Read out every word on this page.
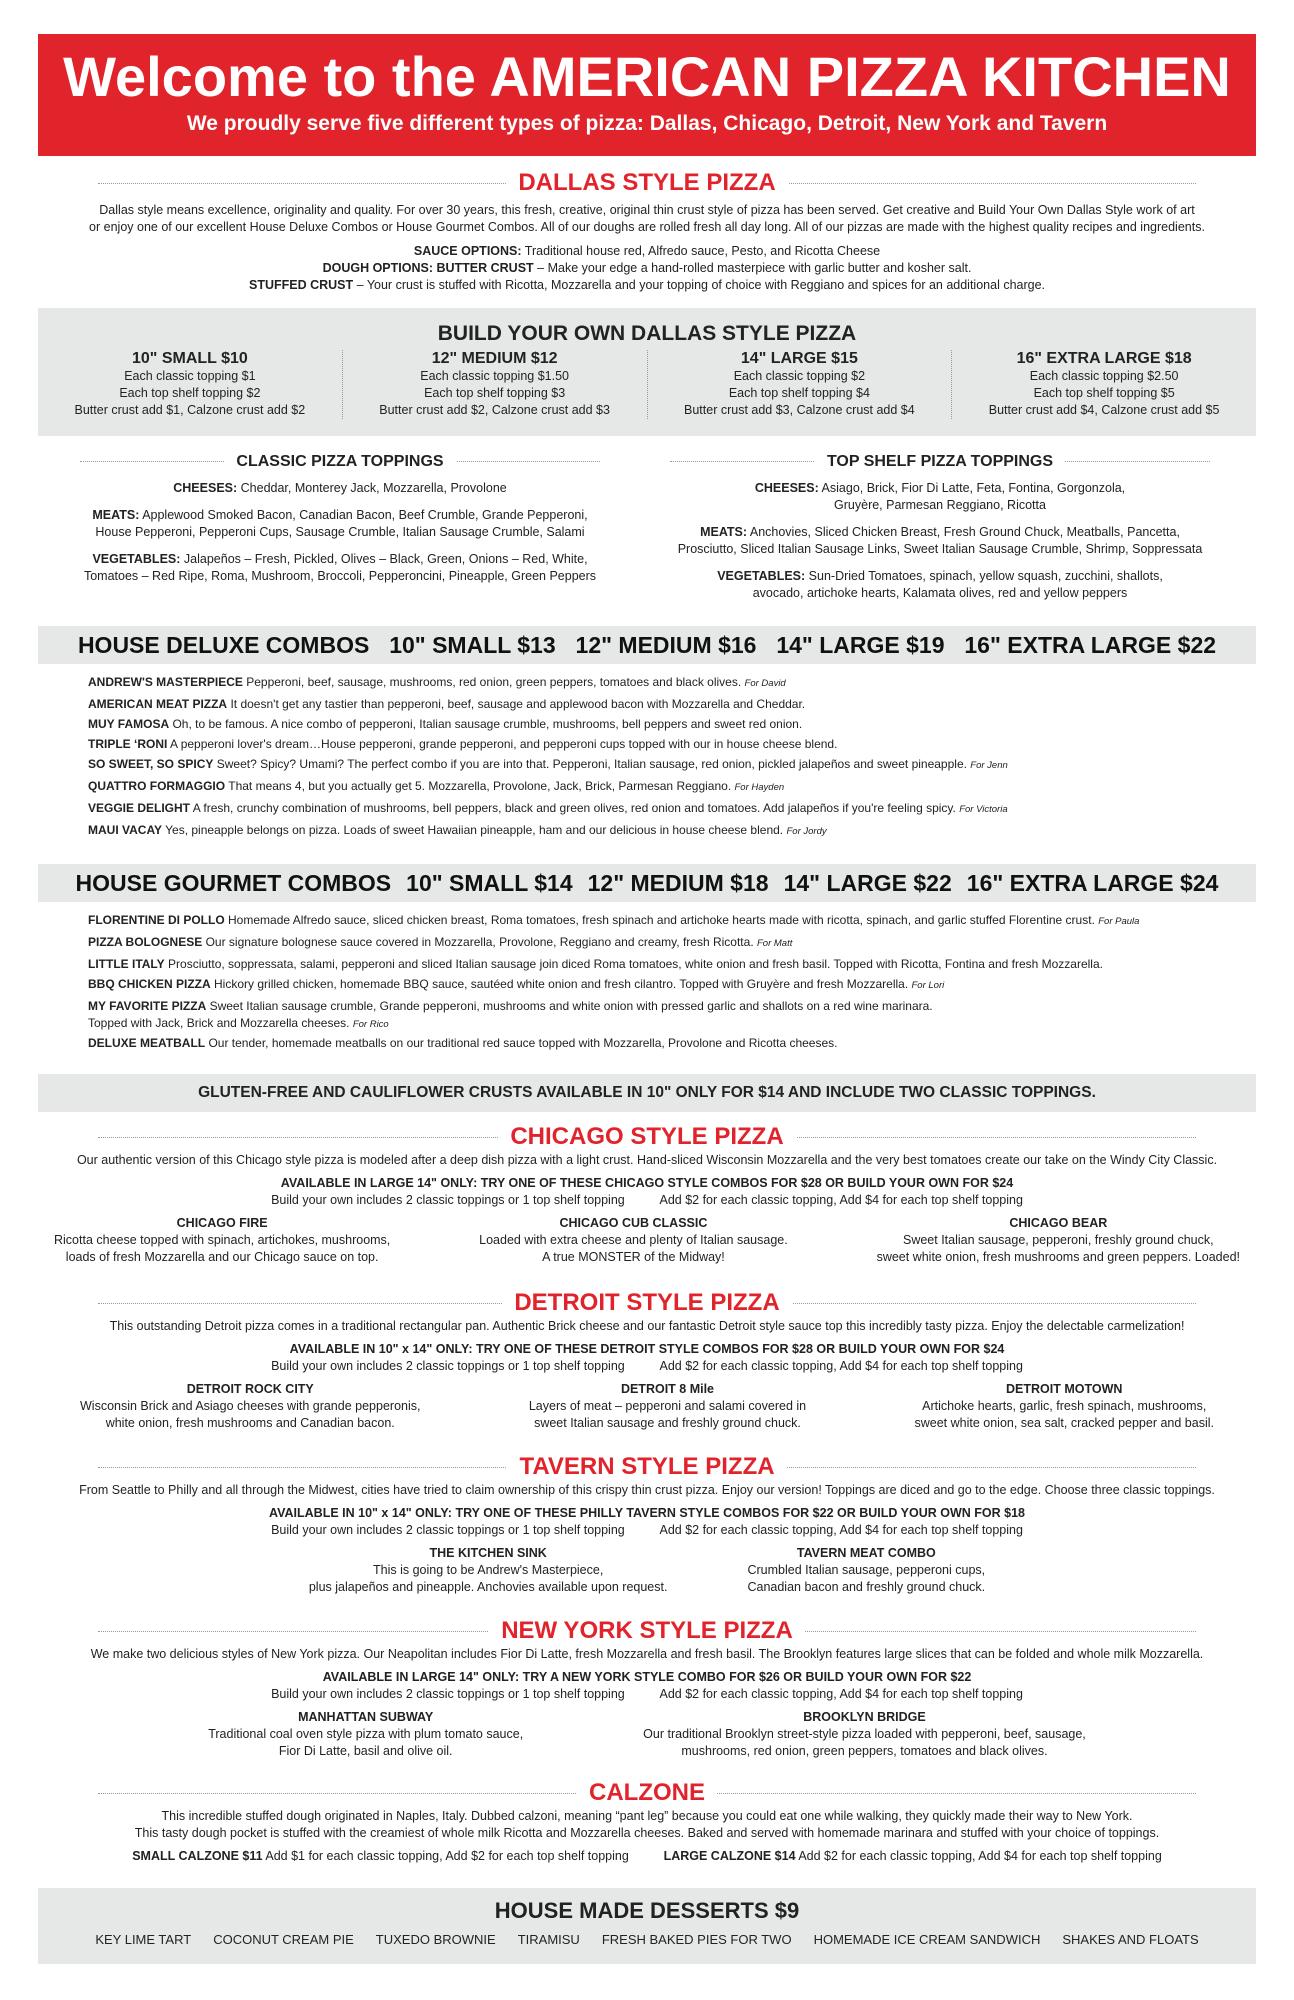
Welcome to the AMERICAN PIZZA KITCHEN
We proudly serve five different types of pizza: Dallas, Chicago, Detroit, New York and Tavern
DALLAS STYLE PIZZA

Dallas style means excellence, originality and quality. For over 30 years, this fresh, creative, original thin crust style of pizza has been served. Get creative and Build Your Own Dallas Style work of art

or enjoy one of our excellent House Deluxe Combos or House Gourmet Combos. All of our doughs are rolled fresh all day long. All of our pizzas are made with the highest quality recipes and ingredients.

SAUCE OPTIONS: Traditional house red, Alfredo sauce, Pesto, and Ricotta Cheese

DOUGH OPTIONS: BUTTER CRUST – Make your edge a hand-rolled masterpiece with garlic butter and kosher salt.

STUFFED CRUST – Your crust is stuffed with Ricotta, Mozzarella and your topping of choice with Reggiano and spices for an additional charge.

BUILD YOUR OWN DALLAS STYLE PIZZA
10" SMALL $10
Each classic topping $1
Each top shelf topping $2
Butter crust add $1, Calzone crust add $2
12" MEDIUM $12
Each classic topping $1.50
Each top shelf topping $3
Butter crust add $2, Calzone crust add $3
14" LARGE $15
Each classic topping $2
Each top shelf topping $4
Butter crust add $3, Calzone crust add $4
16" EXTRA LARGE $18
Each classic topping $2.50
Each top shelf topping $5
Butter crust add $4, Calzone crust add $5
CLASSIC PIZZA TOPPINGS

CHEESES: Cheddar, Monterey Jack, Mozzarella, Provolone

MEATS: Applewood Smoked Bacon, Canadian Bacon, Beef Crumble, Grande Pepperoni,

House Pepperoni, Pepperoni Cups, Sausage Crumble, Italian Sausage Crumble, Salami

VEGETABLES: Jalapeños – Fresh, Pickled, Olives – Black, Green, Onions – Red, White,

Tomatoes – Red Ripe, Roma, Mushroom, Broccoli, Pepperoncini, Pineapple, Green Peppers

TOP SHELF PIZZA TOPPINGS

CHEESES: Asiago, Brick, Fior Di Latte, Feta, Fontina, Gorgonzola,

Gruyère, Parmesan Reggiano, Ricotta

MEATS: Anchovies, Sliced Chicken Breast, Fresh Ground Chuck, Meatballs, Pancetta,

Prosciutto, Sliced Italian Sausage Links, Sweet Italian Sausage Crumble, Shrimp, Soppressata

VEGETABLES: Sun-Dried Tomatoes, spinach, yellow squash, zucchini, shallots,

avocado, artichoke hearts, Kalamata olives, red and yellow peppers

HOUSE DELUXE COMBOS 10" SMALL $13 12" MEDIUM $16 14" LARGE $19 16" EXTRA LARGE $22
ANDREW'S MASTERPIECE Pepperoni, beef, sausage, mushrooms, red onion, green peppers, tomatoes and black olives. For David
AMERICAN MEAT PIZZA It doesn't get any tastier than pepperoni, beef, sausage and applewood bacon with Mozzarella and Cheddar.
MUY FAMOSA Oh, to be famous. A nice combo of pepperoni, Italian sausage crumble, mushrooms, bell peppers and sweet red onion.
TRIPLE ‘RONI A pepperoni lover's dream…House pepperoni, grande pepperoni, and pepperoni cups topped with our in house cheese blend.
SO SWEET, SO SPICY Sweet? Spicy? Umami? The perfect combo if you are into that. Pepperoni, Italian sausage, red onion, pickled jalapeños and sweet pineapple. For Jenn
QUATTRO FORMAGGIO That means 4, but you actually get 5. Mozzarella, Provolone, Jack, Brick, Parmesan Reggiano. For Hayden
VEGGIE DELIGHT A fresh, crunchy combination of mushrooms, bell peppers, black and green olives, red onion and tomatoes. Add jalapeños if you're feeling spicy. For Victoria
MAUI VACAY Yes, pineapple belongs on pizza. Loads of sweet Hawaiian pineapple, ham and our delicious in house cheese blend. For Jordy
HOUSE GOURMET COMBOS 10" SMALL $14 12" MEDIUM $18 14" LARGE $22 16" EXTRA LARGE $24
FLORENTINE DI POLLO Homemade Alfredo sauce, sliced chicken breast, Roma tomatoes, fresh spinach and artichoke hearts made with ricotta, spinach, and garlic stuffed Florentine crust. For Paula
PIZZA BOLOGNESE Our signature bolognese sauce covered in Mozzarella, Provolone, Reggiano and creamy, fresh Ricotta. For Matt
LITTLE ITALY Prosciutto, soppressata, salami, pepperoni and sliced Italian sausage join diced Roma tomatoes, white onion and fresh basil. Topped with Ricotta, Fontina and fresh Mozzarella.
BBQ CHICKEN PIZZA Hickory grilled chicken, homemade BBQ sauce, sautéed white onion and fresh cilantro. Topped with Gruyère and fresh Mozzarella. For Lori
MY FAVORITE PIZZA Sweet Italian sausage crumble, Grande pepperoni, mushrooms and white onion with pressed garlic and shallots on a red wine marinara.
Topped with Jack, Brick and Mozzarella cheeses. For Rico
DELUXE MEATBALL Our tender, homemade meatballs on our traditional red sauce topped with Mozzarella, Provolone and Ricotta cheeses.
GLUTEN-FREE AND CAULIFLOWER CRUSTS AVAILABLE IN 10" ONLY FOR $14 AND INCLUDE TWO CLASSIC TOPPINGS.
CHICAGO STYLE PIZZA

Our authentic version of this Chicago style pizza is modeled after a deep dish pizza with a light crust. Hand-sliced Wisconsin Mozzarella and the very best tomatoes create our take on the Windy City Classic.

AVAILABLE IN LARGE 14" ONLY: TRY ONE OF THESE CHICAGO STYLE COMBOS FOR $28 OR BUILD YOUR OWN FOR $24

Build your own includes 2 classic toppings or 1 top shelf topping	Add $2 for each classic topping, Add $4 for each top shelf topping

CHICAGO FIRE

Ricotta cheese topped with spinach, artichokes, mushrooms,

loads of fresh Mozzarella and our Chicago sauce on top.

CHICAGO CUB CLASSIC

Loaded with extra cheese and plenty of Italian sausage.

A true MONSTER of the Midway!

CHICAGO BEAR

Sweet Italian sausage, pepperoni, freshly ground chuck,

sweet white onion, fresh mushrooms and green peppers. Loaded!

DETROIT STYLE PIZZA

This outstanding Detroit pizza comes in a traditional rectangular pan. Authentic Brick cheese and our fantastic Detroit style sauce top this incredibly tasty pizza. Enjoy the delectable carmelization!

AVAILABLE IN 10" x 14" ONLY: TRY ONE OF THESE DETROIT STYLE COMBOS FOR $28 OR BUILD YOUR OWN FOR $24

Build your own includes 2 classic toppings or 1 top shelf topping	Add $2 for each classic topping, Add $4 for each top shelf topping

DETROIT ROCK CITY

Wisconsin Brick and Asiago cheeses with grande pepperonis,

white onion, fresh mushrooms and Canadian bacon.

DETROIT 8 Mile

Layers of meat – pepperoni and salami covered in

sweet Italian sausage and freshly ground chuck.

DETROIT MOTOWN

Artichoke hearts, garlic, fresh spinach, mushrooms,

sweet white onion, sea salt, cracked pepper and basil.

TAVERN STYLE PIZZA

From Seattle to Philly and all through the Midwest, cities have tried to claim ownership of this crispy thin crust pizza. Enjoy our version! Toppings are diced and go to the edge. Choose three classic toppings.

AVAILABLE IN 10" x 14" ONLY: TRY ONE OF THESE PHILLY TAVERN STYLE COMBOS FOR $22 OR BUILD YOUR OWN FOR $18

Build your own includes 2 classic toppings or 1 top shelf topping	Add $2 for each classic topping, Add $4 for each top shelf topping

THE KITCHEN SINK

This is going to be Andrew's Masterpiece,

plus jalapeños and pineapple. Anchovies available upon request.

TAVERN MEAT COMBO

Crumbled Italian sausage, pepperoni cups,

Canadian bacon and freshly ground chuck.

NEW YORK STYLE PIZZA

We make two delicious styles of New York pizza. Our Neapolitan includes Fior Di Latte, fresh Mozzarella and fresh basil. The Brooklyn features large slices that can be folded and whole milk Mozzarella.

AVAILABLE IN LARGE 14" ONLY: TRY A NEW YORK STYLE COMBO FOR $26 OR BUILD YOUR OWN FOR $22

Build your own includes 2 classic toppings or 1 top shelf topping	Add $2 for each classic topping, Add $4 for each top shelf topping

MANHATTAN SUBWAY

Traditional coal oven style pizza with plum tomato sauce,

Fior Di Latte, basil and olive oil.

BROOKLYN BRIDGE

Our traditional Brooklyn street-style pizza loaded with pepperoni, beef, sausage,

mushrooms, red onion, green peppers, tomatoes and black olives.

CALZONE

This incredible stuffed dough originated in Naples, Italy. Dubbed calzoni, meaning “pant leg” because you could eat one while walking, they quickly made their way to New York.

This tasty dough pocket is stuffed with the creamiest of whole milk Ricotta and Mozzarella cheeses. Baked and served with homemade marinara and stuffed with your choice of toppings.

SMALL CALZONE $11 Add $1 for each classic topping, Add $2 for each top shelf topping	LARGE CALZONE $14 Add $2 for each classic topping, Add $4 for each top shelf topping

HOUSE MADE DESSERTS $9
KEY LIME TART COCONUT CREAM PIE TUXEDO BROWNIE TIRAMISU FRESH BAKED PIES FOR TWO HOMEMADE ICE CREAM SANDWICH SHAKES AND FLOATS
